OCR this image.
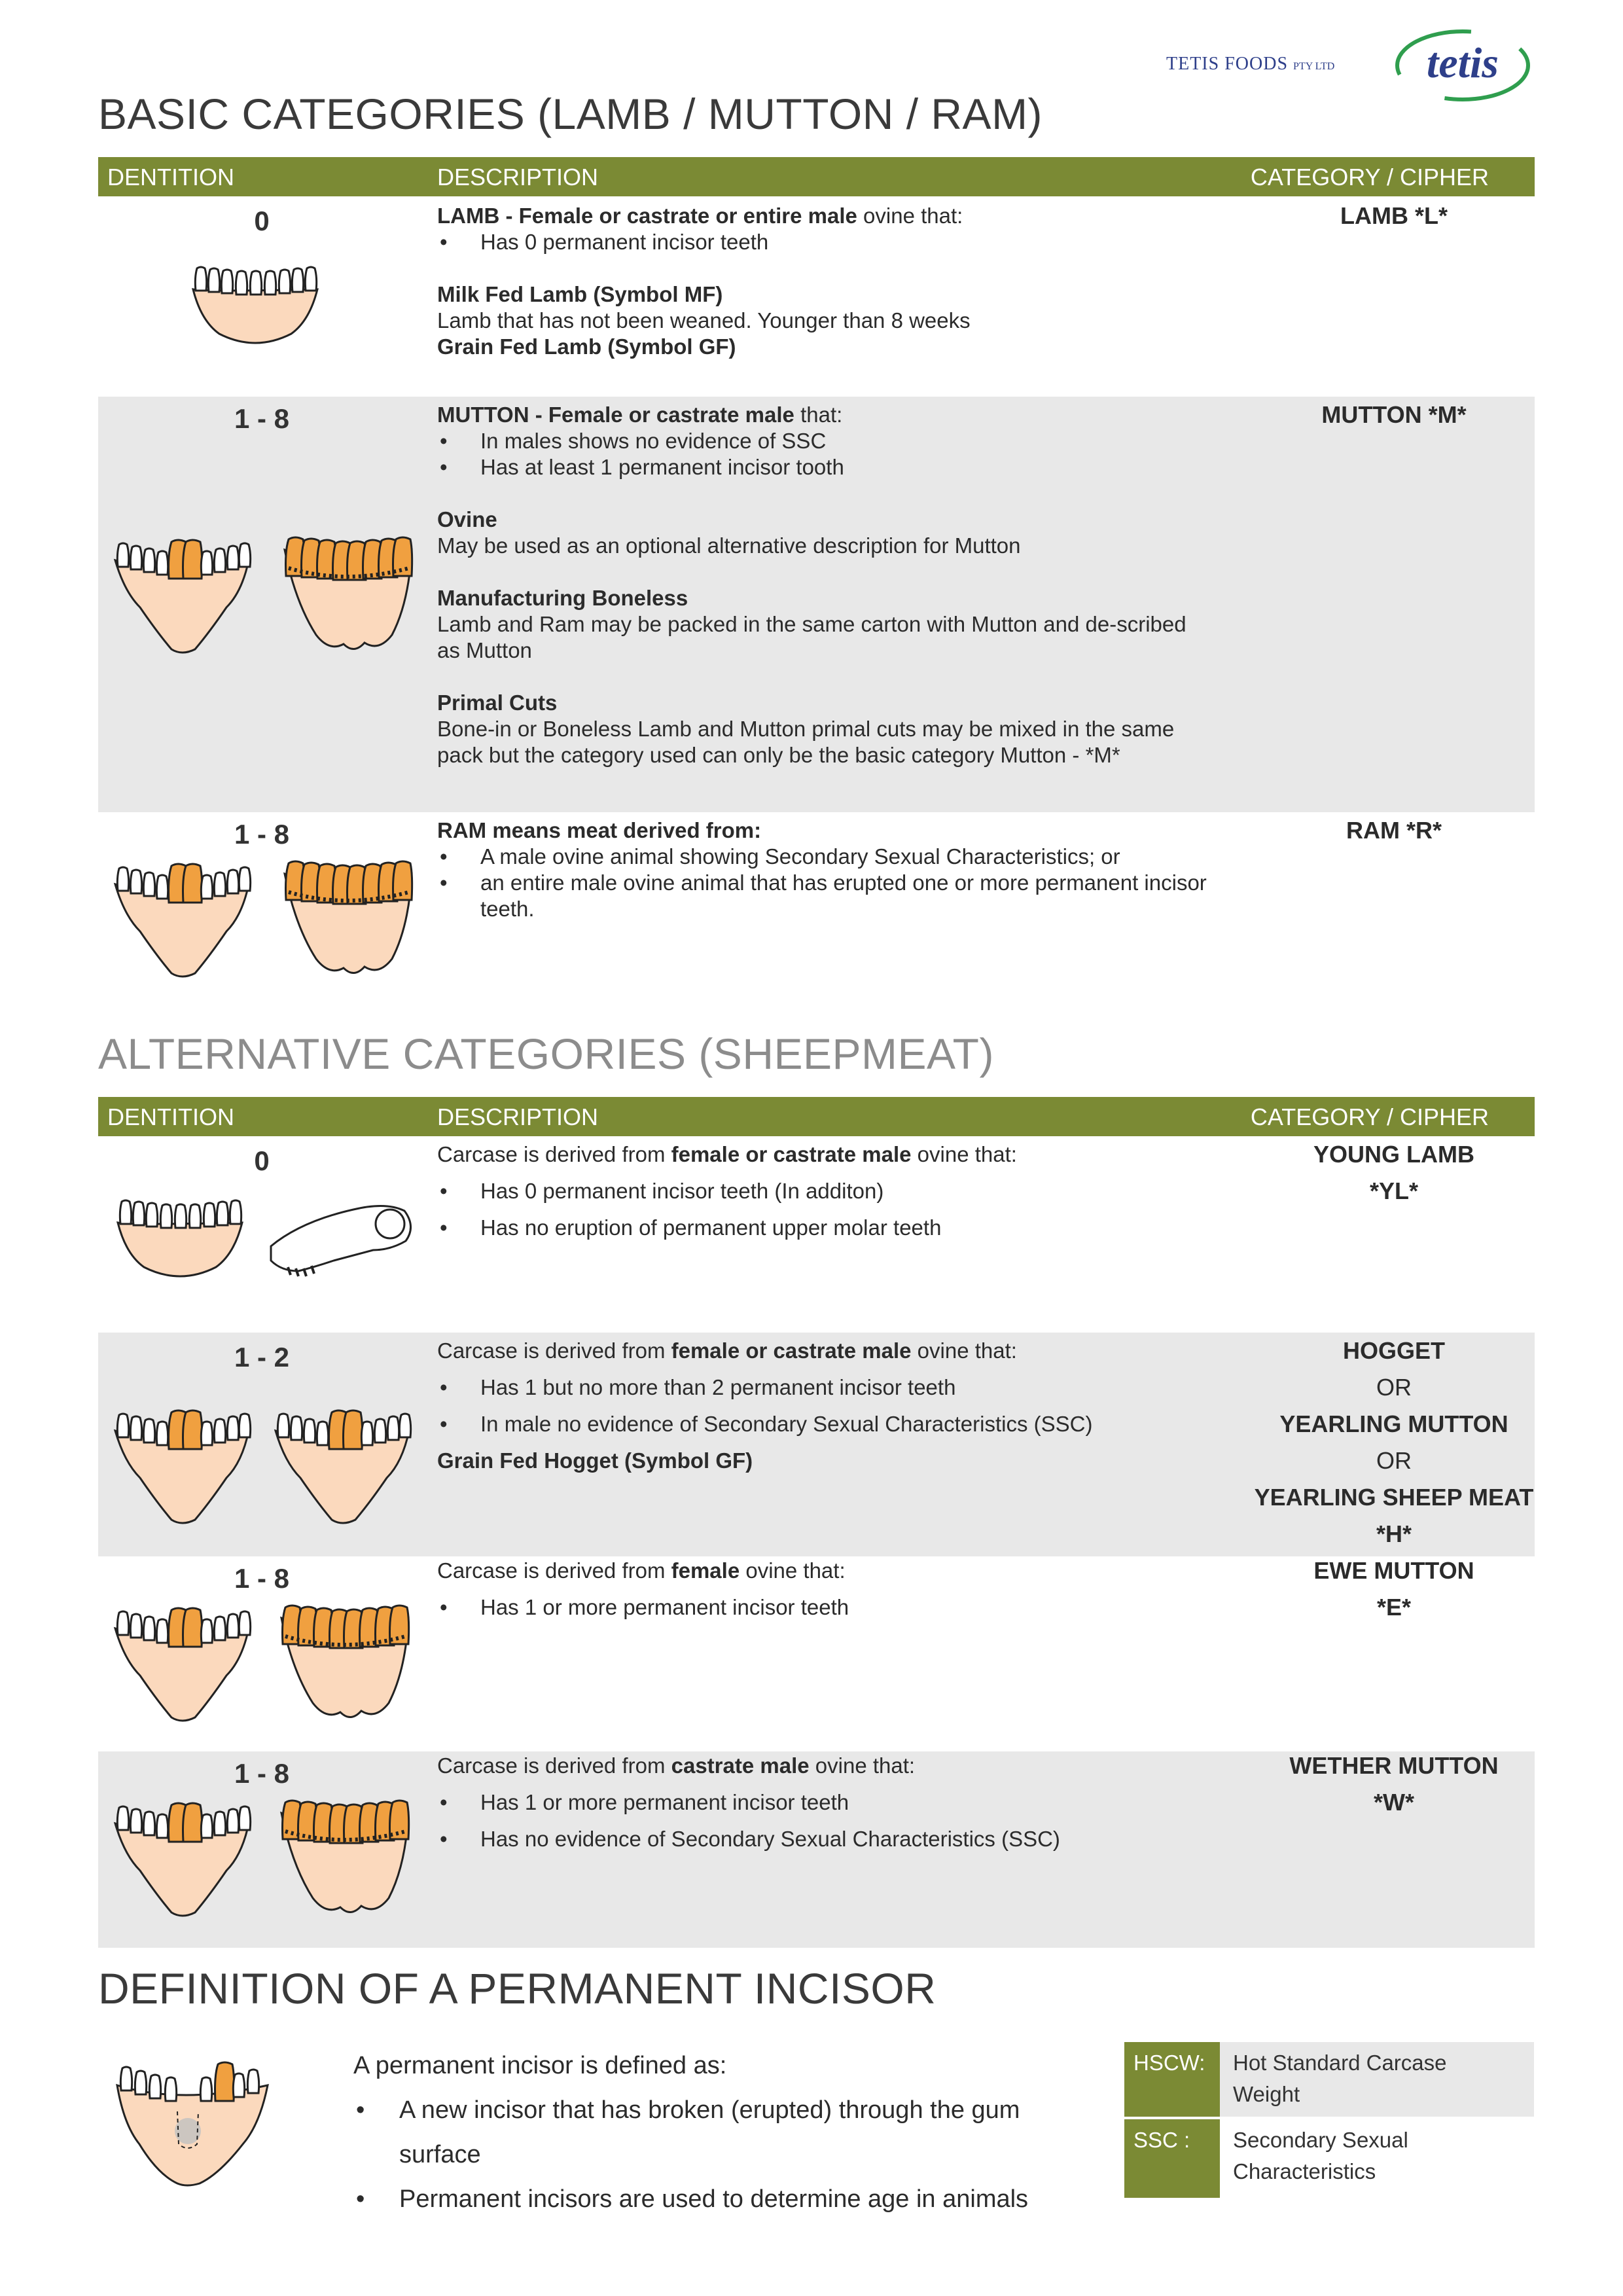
TETIS FOODS PTY LTD tetis
BASIC CATEGORIES (LAMB / MUTTON / RAM)
DENTITION	DESCRIPTION	CATEGORY / CIPHER
0	LAMB - Female or castrate or entire male ovine that:

• Has 0 permanent incisor teeth

Milk Fed Lamb (Symbol MF)

Lamb that has not been weaned. Younger than 8 weeks

Grain Fed Lamb (Symbol GF)

LAMB *L*
1 - 8	MUTTON - Female or castrate male that:

• In males shows no evidence of SSC

• Has at least 1 permanent incisor tooth

Ovine

May be used as an optional alternative description for Mutton

Manufacturing Boneless

Lamb and Ram may be packed in the same carton with Mutton and de-scribed as Mutton

Primal Cuts

Bone-in or Boneless Lamb and Mutton primal cuts may be mixed in the same pack but the category used can only be the basic category Mutton - *M*

MUTTON *M*
1 - 8	RAM means meat derived from:

• A male ovine animal showing Secondary Sexual Characteristics; or

• an entire male ovine animal that has erupted one or more permanent incisor teeth.

RAM *R*
ALTERNATIVE CATEGORIES (SHEEPMEAT)
DENTITION	DESCRIPTION	CATEGORY / CIPHER
0	Carcase is derived from female or castrate male ovine that:

• Has 0 permanent incisor teeth (In additon)

• Has no eruption of permanent upper molar teeth

YOUNG LAMB
*YL*
1 - 2	Carcase is derived from female or castrate male ovine that:

• Has 1 but no more than 2 permanent incisor teeth

• In male no evidence of Secondary Sexual Characteristics (SSC)

Grain Fed Hogget (Symbol GF)

HOGGET
OR
YEARLING MUTTON
OR
YEARLING SHEEP MEAT
*H*
1 - 8	Carcase is derived from female ovine that:

• Has 1 or more permanent incisor teeth

EWE MUTTON
*E*
1 - 8	Carcase is derived from castrate male ovine that:

• Has 1 or more permanent incisor teeth

• Has no evidence of Secondary Sexual Characteristics (SSC)

WETHER MUTTON
*W*
DEFINITION OF A PERMANENT INCISOR

A permanent incisor is defined as:

• A new incisor that has broken (erupted) through the gum

surface

• Permanent incisors are used to determine age in animals

HSCW:	Hot Standard Carcase
Weight
SSC :	Secondary Sexual
Characteristics
